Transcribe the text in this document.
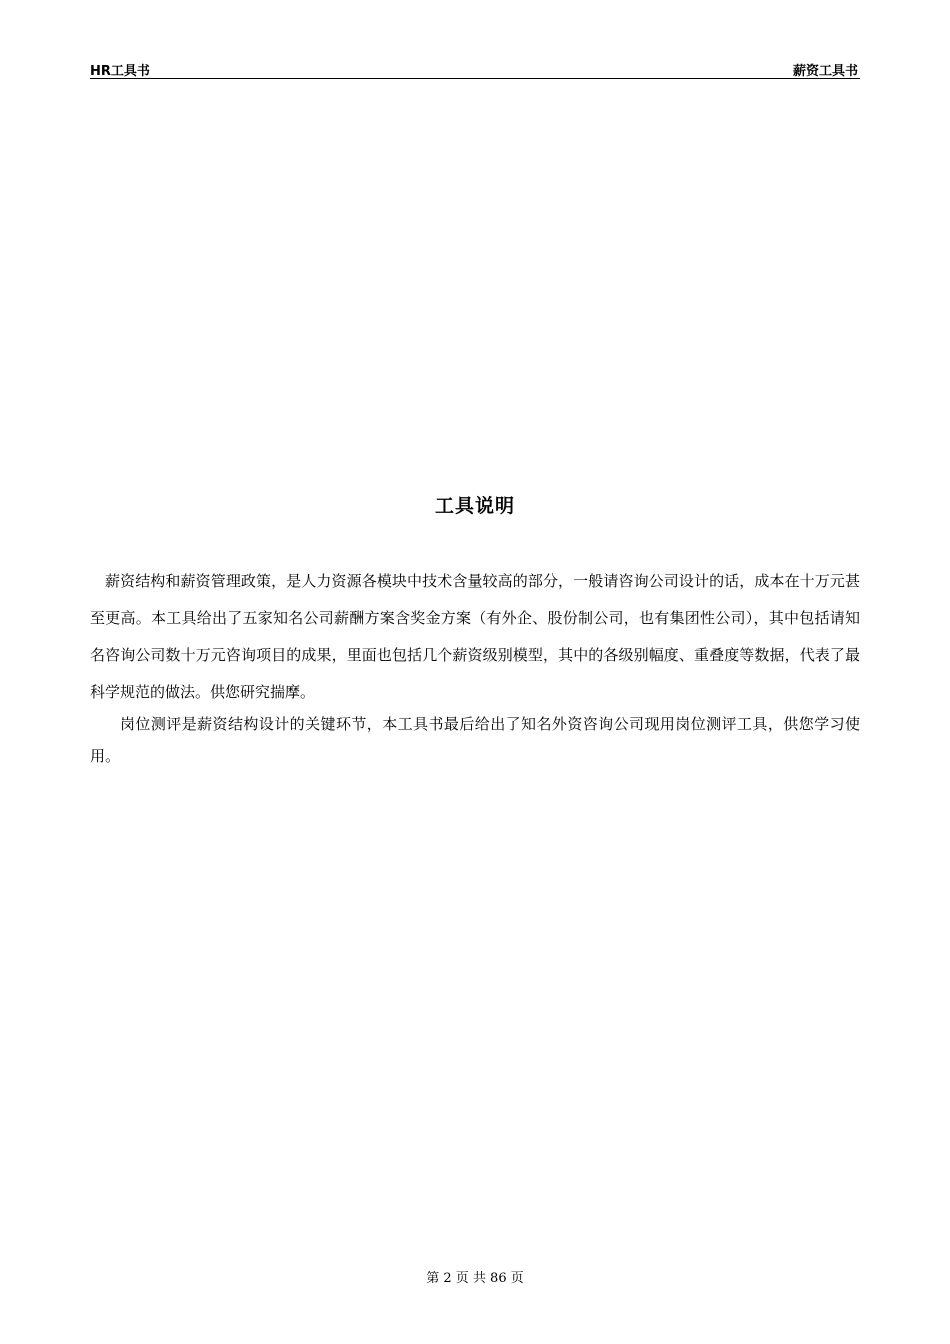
HR工具书	薪资工具书
工具说明

薪资结构和薪资管理政策，是人力资源各模块中技术含量较高的部分，一般请咨询公司设计的话，成本在十万元甚至更高。本工具给出了五家知名公司薪酬方案含奖金方案（有外企、股份制公司，也有集团性公司），其中包括请知名咨询公司数十万元咨询项目的成果，里面也包括几个薪资级别模型，其中的各级别幅度、重叠度等数据，代表了最科学规范的做法。供您研究揣摩。

岗位测评是薪资结构设计的关键环节，本工具书最后给出了知名外资咨询公司现用岗位测评工具，供您学习使用。

第 2 页 共 86 页
